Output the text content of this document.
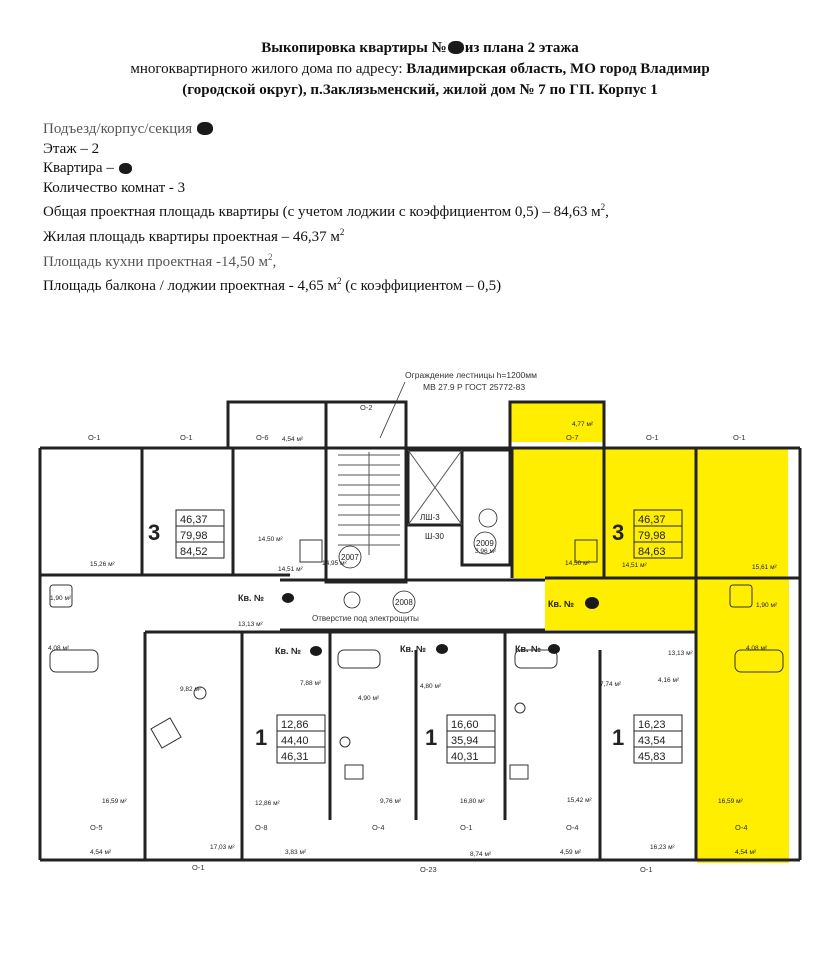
Выкопировка квартиры № из плана 2 этажа
многоквартирного жилого дома по адресу: Владимирская область, МО город Владимир
(городской округ), п.Заклязьменский, жилой дом № 7 по ГП. Корпус 1
Подъезд/корпус/секция
Этаж – 2
Квартира –
Количество комнат - 3
Общая проектная площадь квартиры (с учетом лоджии с коэффициентом 0,5) – 84,63 $м^2$,
Жилая площадь квартиры проектная – 46,37 $м^2$
Площадь кухни проектная -14,50 $м^2$,
Площадь балкона / лоджии проектная - 4,65 $м^2$ (с коэффициентом – 0,5)
2007
2008
2009
ЛШ-3
Ш-30
О-1	О-1	О-6	О-7	О-1	О-1
О-2
О-5	О-8	О-4	О-1	О-4
О-1
О-4
О-23	О-1
4,54 м²
4,77 м²
14,50 м²
14,50 м²
15,26 м²	14,51 м²	15,61 м²
1,90 м²
1,90 м²
4,08 м²	4,08 м²
13,13 м²
13,13 м²
7,88 м²
4,90 м²
4,80 м²	7,74 м²
4,16 м²
16,59 м²	12,86 м²	9,76 м²	16,80 м²	15,42 м²	16,59 м²
4,54 м²
17,03 м²
3,83 м²	8,74 м²	4,59 м²
16,23 м²
4,54 м²
3,96 м²
14,95 м²
14,51 м²
9,82 м²
Кв. №
Кв. №
Кв. №	Кв. №	Кв. №
3 46,37
79,98
84,52
3 46,37
79,98
84,63
1 12,86
44,40
46,31
1 16,60
35,94
40,31
1 16,23
43,54
45,83
Ограждение лестницы h=1200мм
МВ 27.9 Р ГОСТ 25772-83
Отверстие под электрощиты
